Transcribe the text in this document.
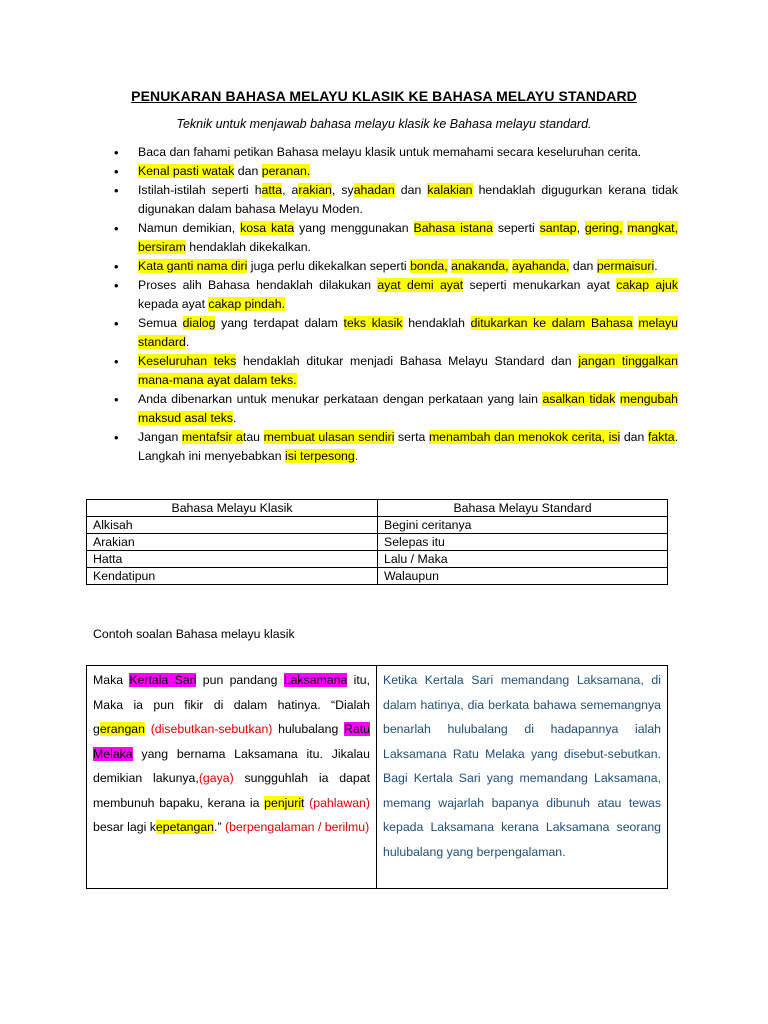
PENUKARAN BAHASA MELAYU KLASIK KE BAHASA MELAYU STANDARD
Teknik untuk menjawab bahasa melayu klasik ke Bahasa melayu standard.
• Baca dan fahami petikan Bahasa melayu klasik untuk memahami secara keseluruhan cerita.
• Kenal pasti watak dan peranan.
• Istilah-istilah seperti hatta, arakian, syahadan dan kalakian hendaklah digugurkan kerana tidak digunakan dalam bahasa Melayu Moden.
• Namun demikian, kosa kata yang menggunakan Bahasa istana seperti santap, gering, mangkat, bersiram hendaklah dikekalkan.
• Kata ganti nama diri juga perlu dikekalkan seperti bonda, anakanda, ayahanda, dan permaisuri.
• Proses alih Bahasa hendaklah dilakukan ayat demi ayat seperti menukarkan ayat cakap ajuk kepada ayat cakap pindah.
• Semua dialog yang terdapat dalam teks klasik hendaklah ditukarkan ke dalam Bahasa melayu standard.
• Keseluruhan teks hendaklah ditukar menjadi Bahasa Melayu Standard dan jangan tinggalkan mana-mana ayat dalam teks.
• Anda dibenarkan untuk menukar perkataan dengan perkataan yang lain asalkan tidak mengubah maksud asal teks.
• Jangan mentafsir atau membuat ulasan sendiri serta menambah dan menokok cerita, isi dan fakta. Langkah ini menyebabkan isi terpesong.
Bahasa Melayu Klasik	Bahasa Melayu Standard
Alkisah	Begini ceritanya
Arakian	Selepas itu
Hatta	Lalu / Maka
Kendatipun	Walaupun
Contoh soalan Bahasa melayu klasik
Maka Kertala Sari pun pandang Laksamana itu, Maka ia pun fikir di dalam hatinya. “Dialah gerangan (disebutkan-sebutkan) hulubalang Ratu Melaka yang bernama Laksamana itu. Jikalau demikian lakunya,(gaya) sungguhlah ia dapat membunuh bapaku, kerana ia penjurit (pahlawan) besar lagi kepetangan.” (berpengalaman / berilmu)
Ketika Kertala Sari memandang Laksamana, di dalam hatinya, dia berkata bahawa sememangnya benarlah hulubalang di hadapannya ialah Laksamana Ratu Melaka yang disebut-sebutkan. Bagi Kertala Sari yang memandang Laksamana, memang wajarlah bapanya dibunuh atau tewas kepada Laksamana kerana Laksamana seorang hulubalang yang berpengalaman.
